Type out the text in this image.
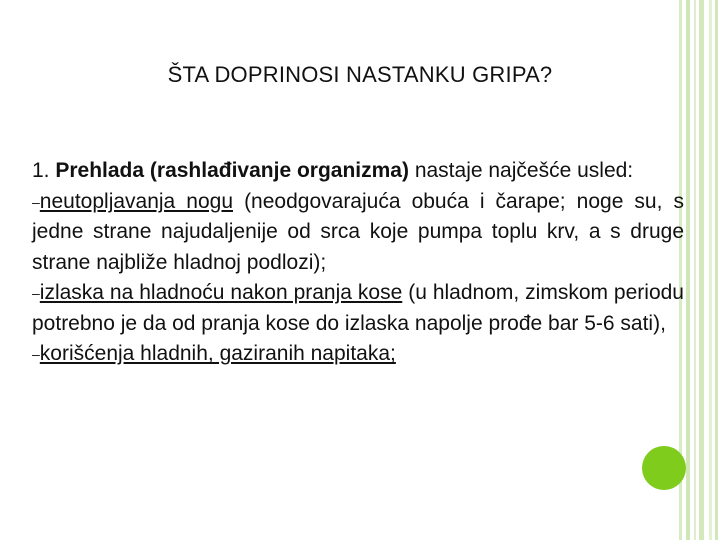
ŠTA DOPRINOSI NASTANKU GRIPA?

1. Prehlada (rashlađivanje organizma) nastaje najčešće usled:

–neutopljavanja nogu (neodgovarajuća obuća i čarape; noge su, s jedne strane najudaljenije od srca koje pumpa toplu krv, a s druge strane najbliže hladnoj podlozi);

–izlaska na hladnoću nakon pranja kose (u hladnom, zimskom periodu potrebno je da od pranja kose do izlaska napolje prođe bar 5-6 sati),

–korišćenja hladnih, gaziranih napitaka;
